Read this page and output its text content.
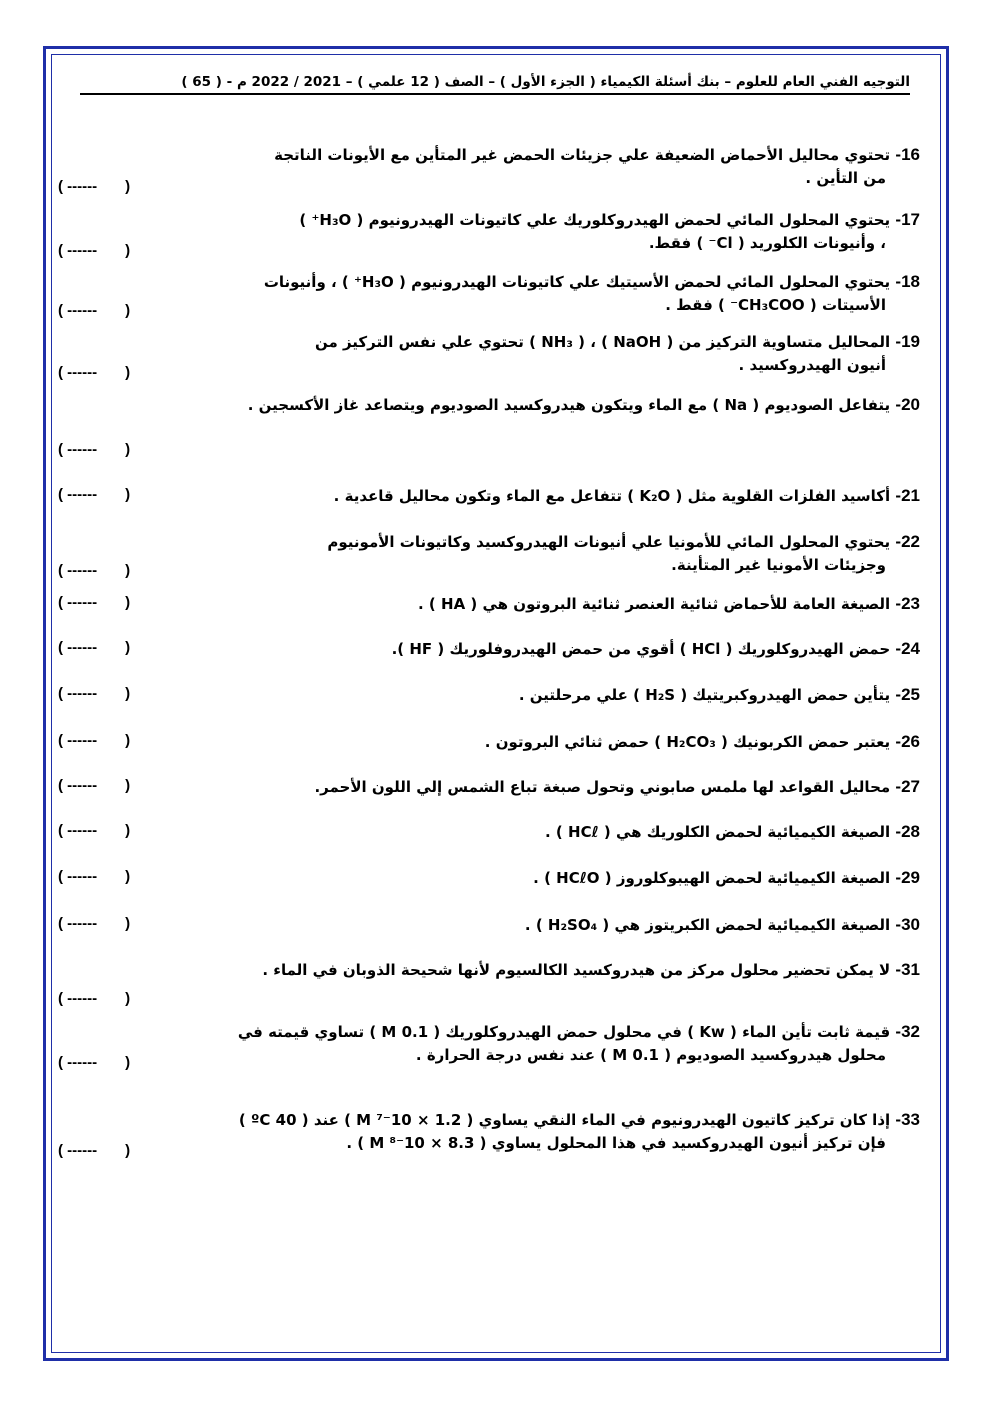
التوجيه الفني العام للعلوم – بنك أسئلة الكيمياء ( الجزء الأول ) – الصف ( 12 علمي ) – 2021 / 2022 م - ( 65 )
16- تحتوي محاليل الأحماض الضعيفة علي جزيئات الحمض غير المتأين مع الأيونات الناتجة
من التأين .
( ------ )
17- يحتوي المحلول المائي لحمض الهيدروكلوريك علي كاتيونات الهيدرونيوم ( H₃O⁺ )
، وأنيونات الكلوريد ( Cl⁻ ) فقط.
( ------ )
18- يحتوي المحلول المائي لحمض الأسيتيك علي كاتيونات الهيدرونيوم ( H₃O⁺ ) ، وأنيونات
الأسيتات ( CH₃COO⁻ ) فقط .
( ------ )
19- المحاليل متساوية التركيز من ( NaOH ) ، ( NH₃ ) تحتوي علي نفس التركيز من
أنيون الهيدروكسيد .
( ------ )
20- يتفاعل الصوديوم ( Na ) مع الماء ويتكون هيدروكسيد الصوديوم ويتصاعد غاز الأكسجين .
( ------ )
21- أكاسيد الفلزات القلوية مثل ( K₂O ) تتفاعل مع الماء وتكون محاليل قاعدية .
( ------ )
22- يحتوي المحلول المائي للأمونيا علي أنيونات الهيدروكسيد وكاتيونات الأمونيوم
وجزيئات الأمونيا غير المتأينة.
( ------ )
23- الصيغة العامة للأحماض ثنائية العنصر ثنائية البروتون هي ( HA ) .
( ------ )
24- حمض الهيدروكلوريك ( HCl ) أقوي من حمض الهيدروفلوريك ( HF ).
( ------ )
25- يتأين حمض الهيدروكبريتيك ( H₂S ) علي مرحلتين .
( ------ )
26- يعتبر حمض الكربونيك ( H₂CO₃ ) حمض ثنائي البروتون .
( ------ )
27- محاليل القواعد لها ملمس صابوني وتحول صبغة تباع الشمس إلي اللون الأحمر.
( ------ )
28- الصيغة الكيميائية لحمض الكلوريك هي ( HCℓ ) .
( ------ )
29- الصيغة الكيميائية لحمض الهيبوكلوروز ( HCℓO ) .
( ------ )
30- الصيغة الكيميائية لحمض الكبريتوز هي ( H₂SO₄ ) .
( ------ )
31- لا يمكن تحضير محلول مركز من هيدروكسيد الكالسيوم لأنها شحيحة الذوبان في الماء .
( ------ )
32- قيمة ثابت تأين الماء ( Kw ) في محلول حمض الهيدروكلوريك ( 0.1 M ) تساوي قيمته في
محلول هيدروكسيد الصوديوم ( 0.1 M ) عند نفس درجة الحرارة .
( ------ )
33- إذا كان تركيز كاتيون الهيدرونيوم في الماء النقي يساوي ( 1.2 × 10⁻⁷ M ) عند ( 40 ºC )
فإن تركيز أنيون الهيدروكسيد في هذا المحلول يساوي ( 8.3 × 10⁻⁸ M ) .
( ------ )
